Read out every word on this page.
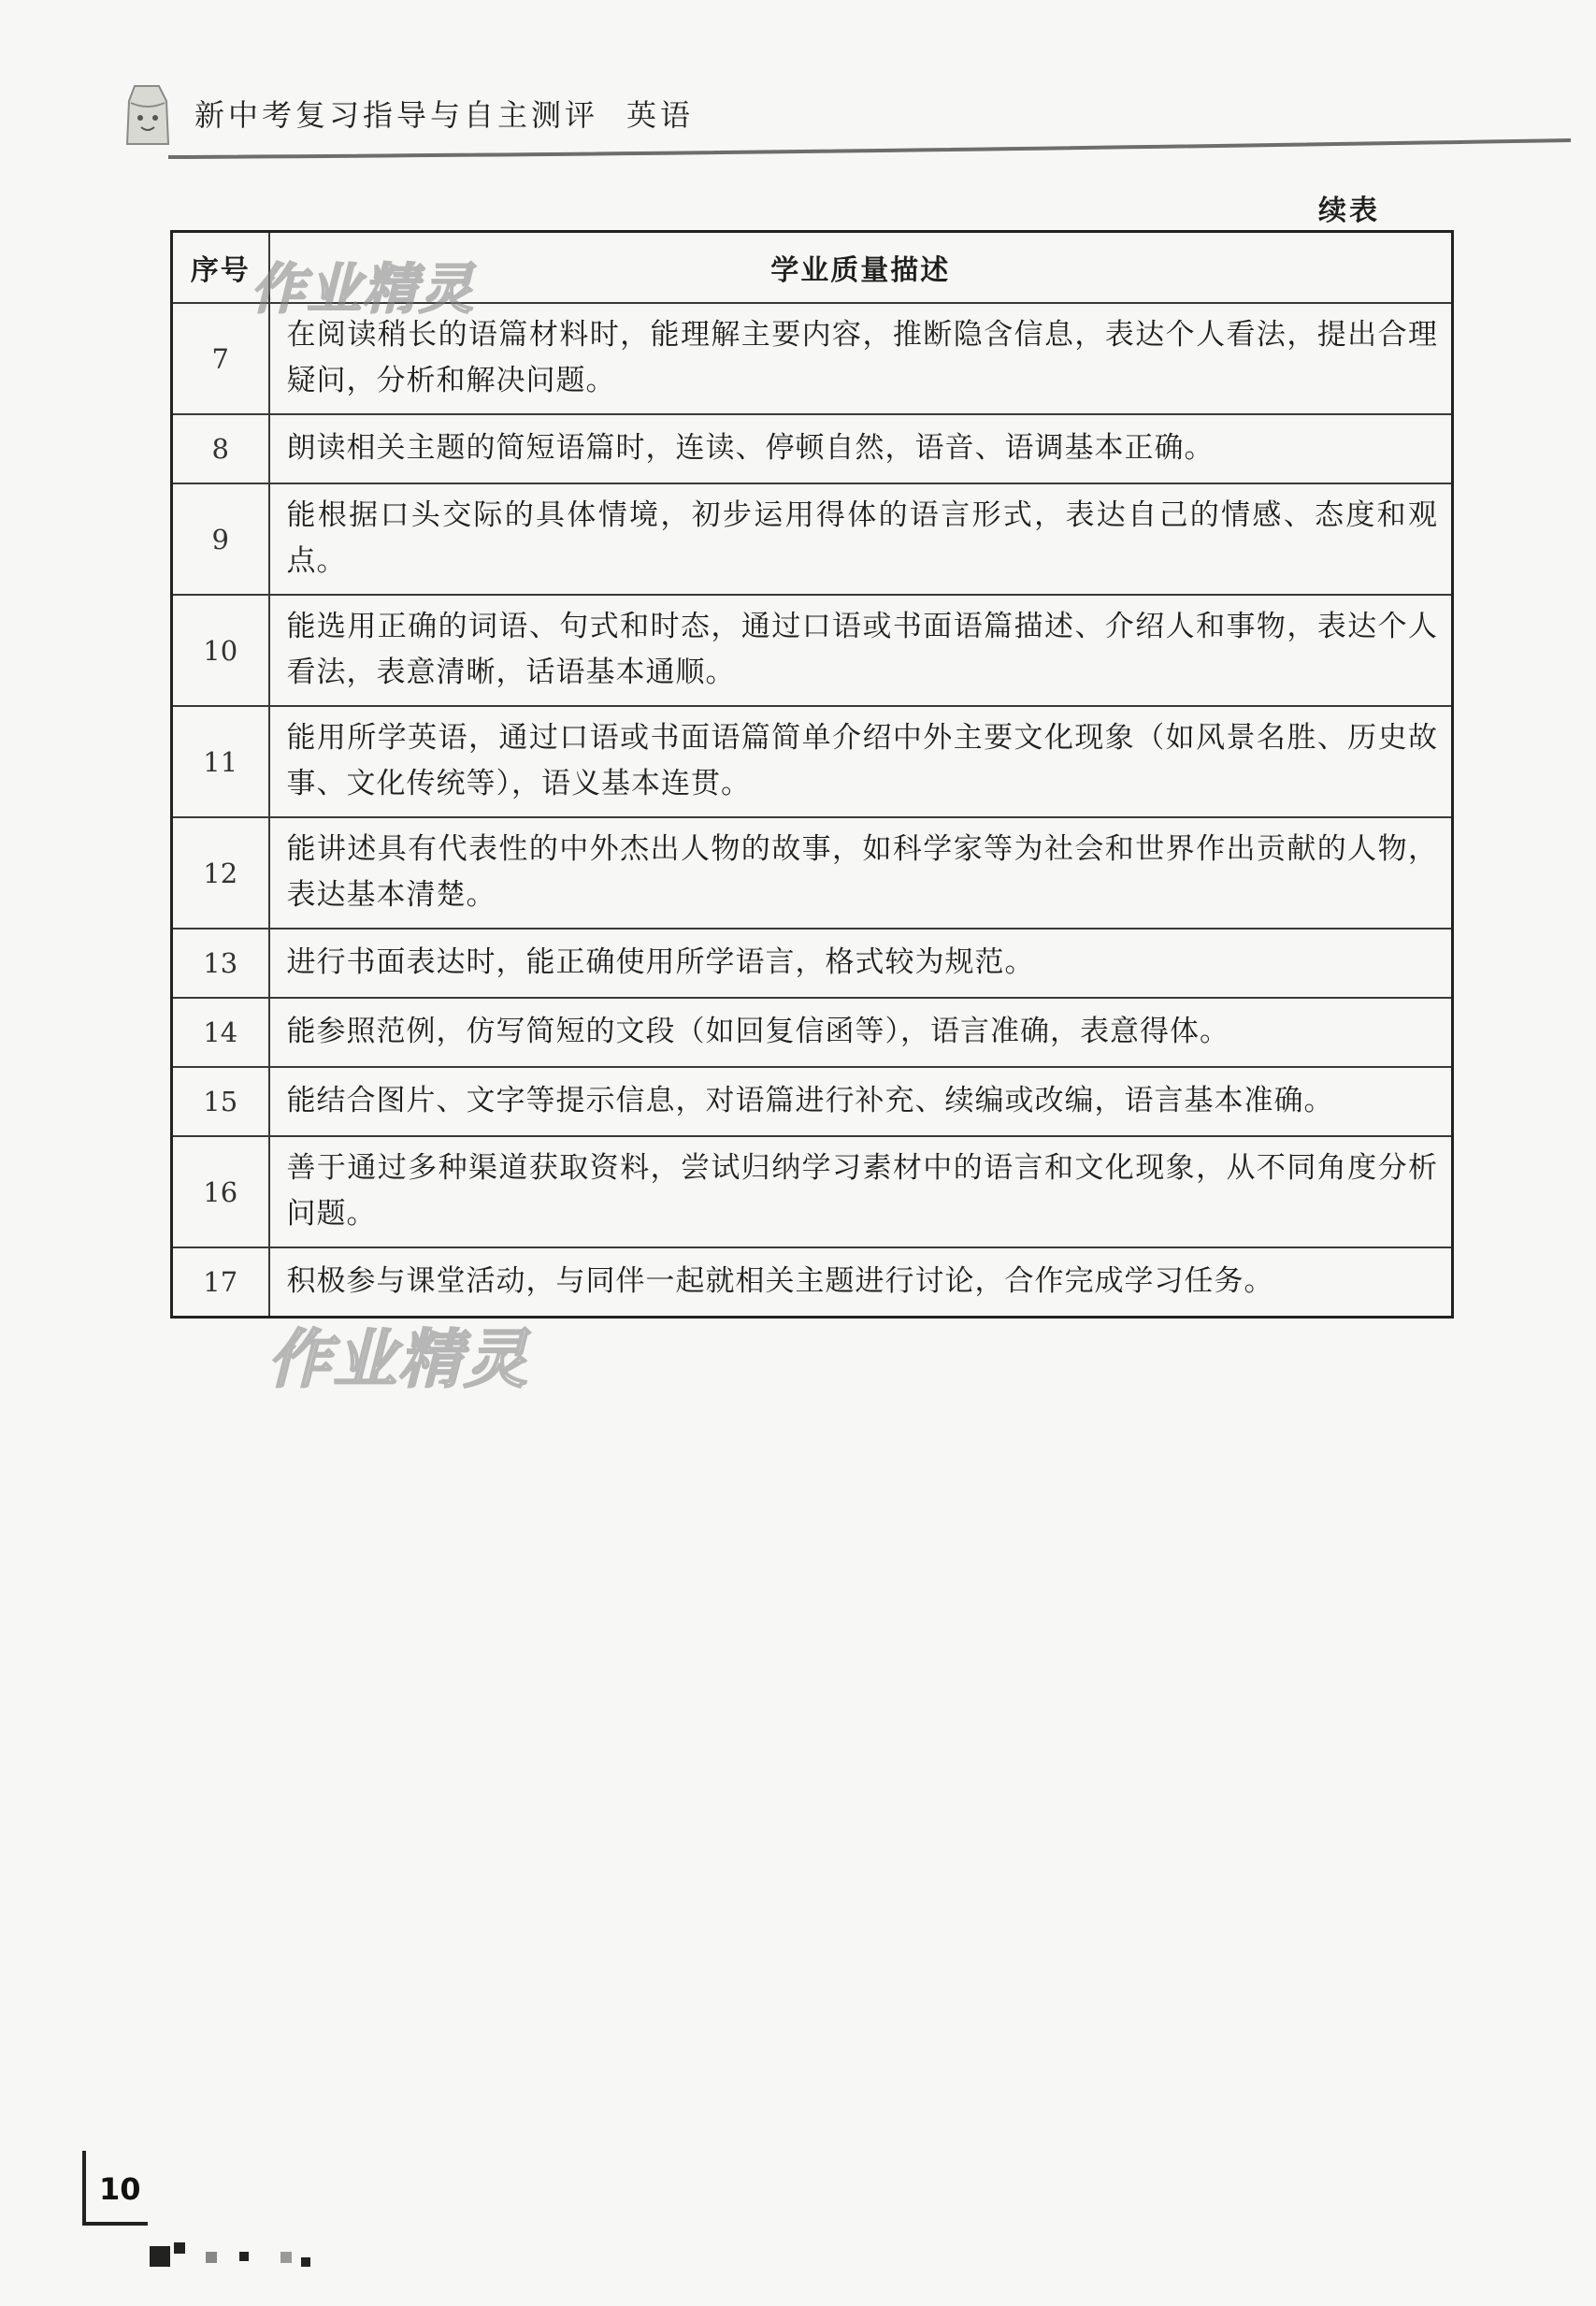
新中考复习指导与自主测评 英语
续表
序号	学业质量描述
7	在阅读稍长的语篇材料时，能理解主要内容，推断隐含信息，表达个人看法，提出合理疑问，分析和解决问题。
8	朗读相关主题的简短语篇时，连读、停顿自然，语音、语调基本正确。
9	能根据口头交际的具体情境，初步运用得体的语言形式，表达自己的情感、态度和观点。
10	能选用正确的词语、句式和时态，通过口语或书面语篇描述、介绍人和事物，表达个人看法，表意清晰，话语基本通顺。
11	能用所学英语，通过口语或书面语篇简单介绍中外主要文化现象（如风景名胜、历史故事、文化传统等），语义基本连贯。
12	能讲述具有代表性的中外杰出人物的故事，如科学家等为社会和世界作出贡献的人物，表达基本清楚。
13	进行书面表达时，能正确使用所学语言，格式较为规范。
14	能参照范例，仿写简短的文段（如回复信函等），语言准确，表意得体。
15	能结合图片、文字等提示信息，对语篇进行补充、续编或改编，语言基本准确。
16	善于通过多种渠道获取资料，尝试归纳学习素材中的语言和文化现象，从不同角度分析问题。
17	积极参与课堂活动，与同伴一起就相关主题进行讨论，合作完成学习任务。
作业精灵
作业精灵
10
